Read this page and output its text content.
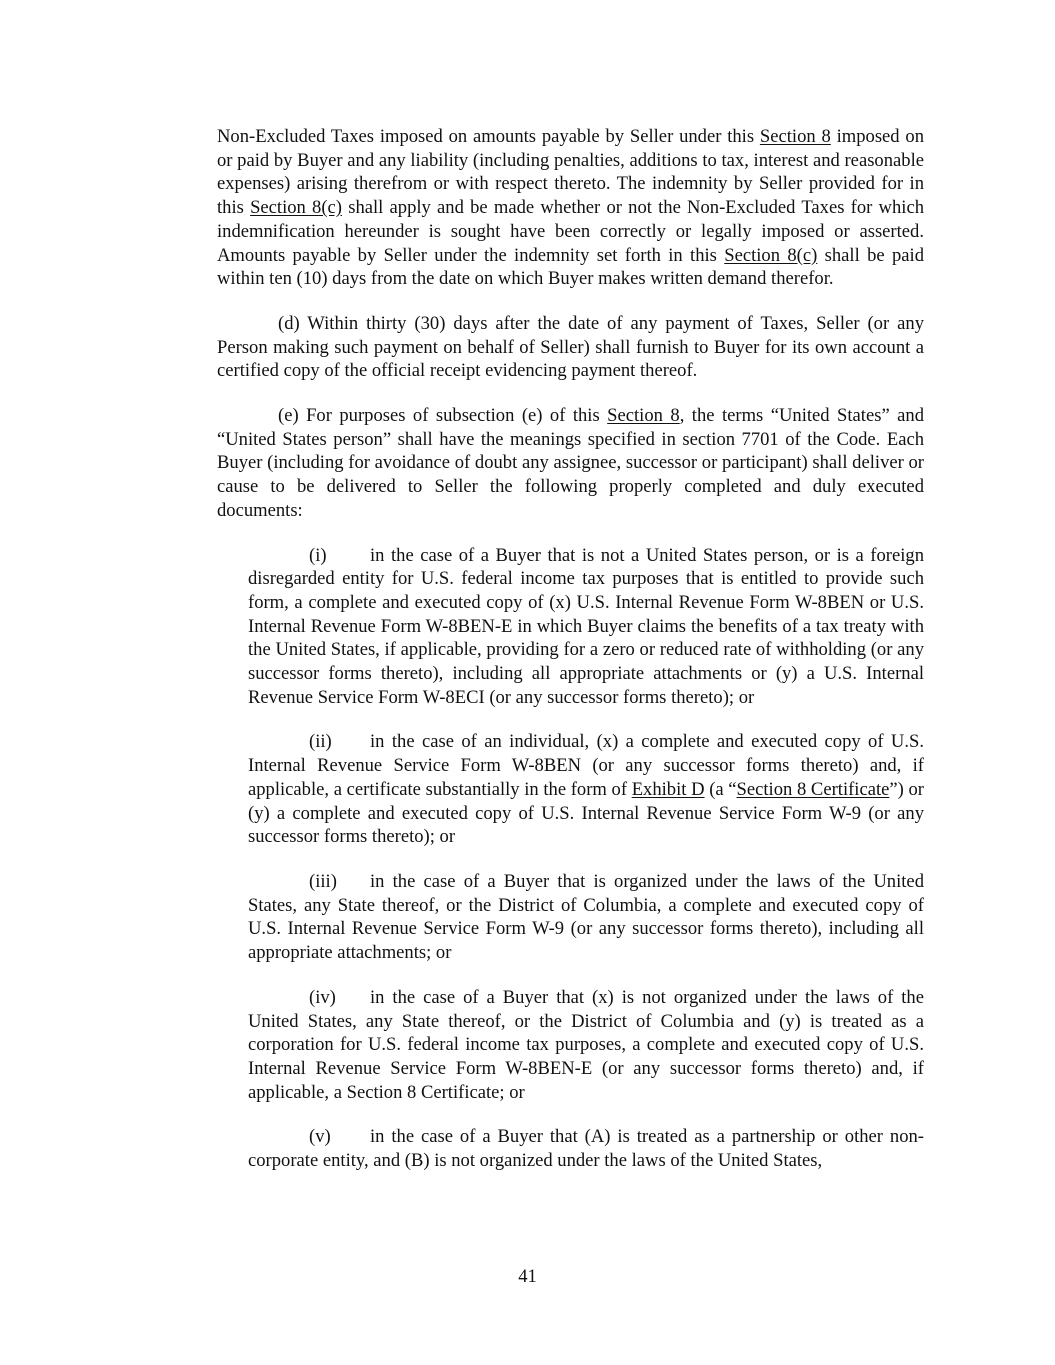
Non-Excluded Taxes imposed on amounts payable by Seller under this Section 8 imposed on or paid by Buyer and any liability (including penalties, additions to tax, interest and reasonable expenses) arising therefrom or with respect thereto. The indemnity by Seller provided for in this Section 8(c) shall apply and be made whether or not the Non-Excluded Taxes for which indemnification hereunder is sought have been correctly or legally imposed or asserted. Amounts payable by Seller under the indemnity set forth in this Section 8(c) shall be paid within ten (10) days from the date on which Buyer makes written demand therefor.

(d) Within thirty (30) days after the date of any payment of Taxes, Seller (or any Person making such payment on behalf of Seller) shall furnish to Buyer for its own account a certified copy of the official receipt evidencing payment thereof.

(e) For purposes of subsection (e) of this Section 8, the terms “United States” and “United States person” shall have the meanings specified in section 7701 of the Code. Each Buyer (including for avoidance of doubt any assignee, successor or participant) shall deliver or cause to be delivered to Seller the following properly completed and duly executed documents:

(i) in the case of a Buyer that is not a United States person, or is a foreign disregarded entity for U.S. federal income tax purposes that is entitled to provide such form, a complete and executed copy of (x) U.S. Internal Revenue Form W-8BEN or U.S. Internal Revenue Form W-8BEN-E in which Buyer claims the benefits of a tax treaty with the United States, if applicable, providing for a zero or reduced rate of withholding (or any successor forms thereto), including all appropriate attachments or (y) a U.S. Internal Revenue Service Form W-8ECI (or any successor forms thereto); or

(ii) in the case of an individual, (x) a complete and executed copy of U.S. Internal Revenue Service Form W-8BEN (or any successor forms thereto) and, if applicable, a certificate substantially in the form of Exhibit D (a “Section 8 Certificate”) or (y) a complete and executed copy of U.S. Internal Revenue Service Form W-9 (or any successor forms thereto); or

(iii) in the case of a Buyer that is organized under the laws of the United States, any State thereof, or the District of Columbia, a complete and executed copy of U.S. Internal Revenue Service Form W-9 (or any successor forms thereto), including all appropriate attachments; or

(iv) in the case of a Buyer that (x) is not organized under the laws of the United States, any State thereof, or the District of Columbia and (y) is treated as a corporation for U.S. federal income tax purposes, a complete and executed copy of U.S. Internal Revenue Service Form W-8BEN-E (or any successor forms thereto) and, if applicable, a Section 8 Certificate; or

(v) in the case of a Buyer that (A) is treated as a partnership or other non-corporate entity, and (B) is not organized under the laws of the United States,

41
